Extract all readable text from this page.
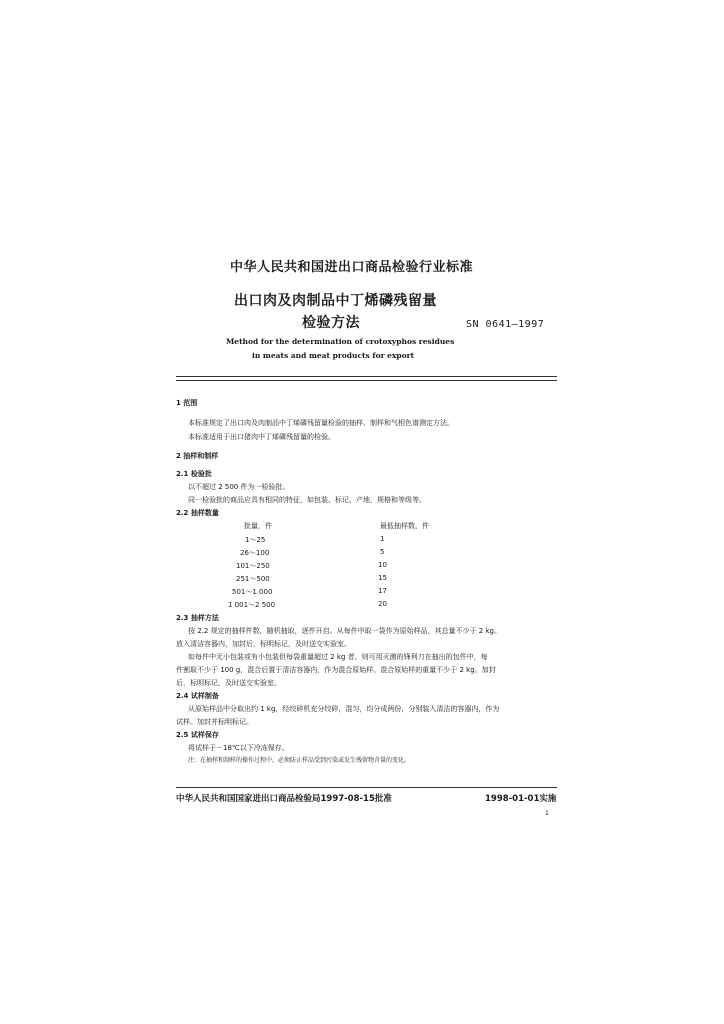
中华人民共和国进出口商品检验行业标准
出口肉及肉制品中丁烯磷残留量
检验方法	SN 0641—1997
Method for the determination of crotoxyphos residues
in meats and meat products for export
1 范围
本标准规定了出口肉及肉制品中丁烯磷残留量检验的抽样、制样和气相色谱测定方法。
本标准适用于出口猪肉中丁烯磷残留量的检验。
2 抽样和制样
2.1 检验批
以不超过 2 500 件为一检验批。
同一检验批的商品应具有相同的特征，如包装、标记、产地、规格和等级等。
2.2 抽样数量
批量，件	最低抽样数，件
1～25	1
26～100	5
101～250	10
251～500	15
501～1 000	17
1 001～2 500	20
2.3 抽样方法
按 2.2 规定的抽样件数，随机抽取，逐件开启。从每件中取一袋作为原始样品，其总量不少于 2 kg。
放入清洁容器内，加封后，标明标记，及时送交实验室。
如每件中无小包装或有小包装但每袋重量超过 2 kg 者，则可用灭菌的锋利刀在抽出的包件中，每
件割取不少于 100 g，混合后置于清洁容器内，作为混合原始样。混合原始样的重量不少于 2 kg。加封
后，标明标记，及时送交实验室。
2.4 试样制备
从原始样品中分取出约 1 kg，经绞碎机充分绞碎，混匀，均分成两份，分别装入清洁的容器内，作为
试样。加封并标明标记。
2.5 试样保存
将试样于－18℃以下冷冻保存。
注：在抽样和制样的操作过程中，必须防止样品受到污染或发生残留物含量的变化。
中华人民共和国国家进出口商品检验局1997-08-15批准	1998-01-01实施
1
